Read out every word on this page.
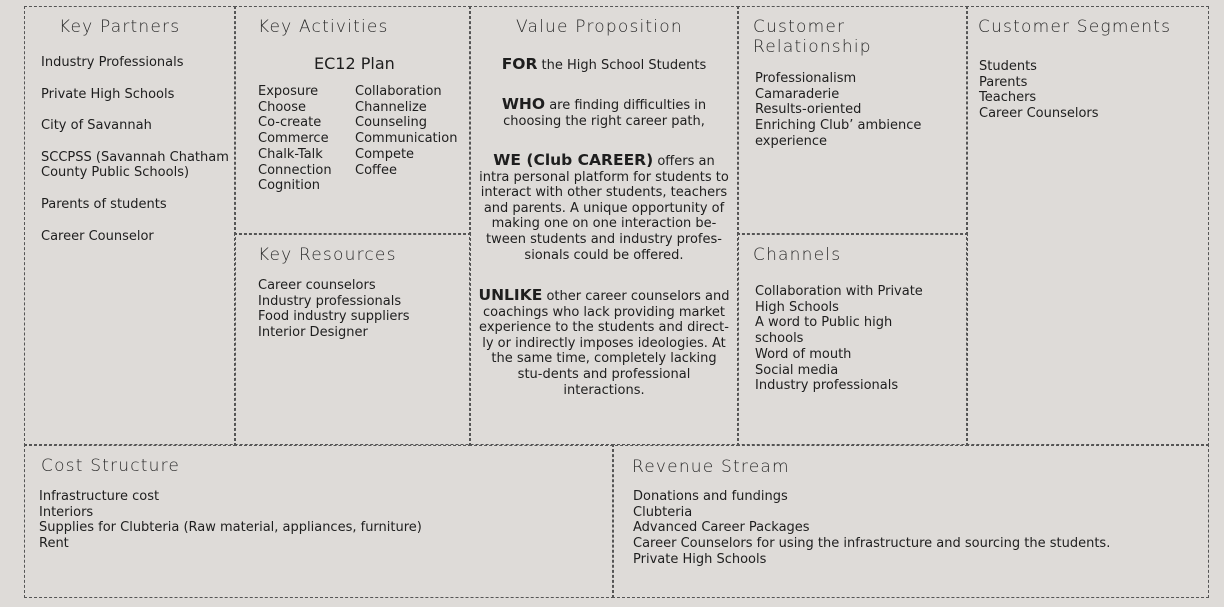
Key Partners
Industry Professionals
Private High Schools
City of Savannah
SCCPSS (Savannah Chatham County Public Schools)
Parents of students
Career Counselor
Key Activities
EC12 Plan
Exposure
Choose
Co-create
Commerce
Chalk-Talk
Connection
Cognition
Collaboration
Channelize
Counseling
Communication
Compete
Coffee
Key Resources
Career counselors
Industry professionals
Food industry suppliers
Interior Designer
Value Proposition
FOR the High School Students
WHO are finding difficulties in choosing the right career path,
WE (Club CAREER) offers an intra personal platform for students to interact with other students, teachers and parents. A unique opportunity of making one on one interaction be-tween students and industry profes-sionals could be offered.
UNLIKE other career counselors and coachings who lack providing market experience to the students and direct-ly or indirectly imposes ideologies. At the same time, completely lacking stu-dents and professional interactions.
Customer
Relationship
Professionalism
Camaraderie
Results-oriented
Enriching Club’ ambience experience
Channels
Collaboration with Private High Schools
A word to Public high schools
Word of mouth
Social media
Industry professionals
Customer Segments
Students
Parents
Teachers
Career Counselors
Cost Structure
Infrastructure cost
Interiors
Supplies for Clubteria (Raw material, appliances, furniture)
Rent
Revenue Stream
Donations and fundings
Clubteria
Advanced Career Packages
Career Counselors for using the infrastructure and sourcing the students.
Private High Schools
